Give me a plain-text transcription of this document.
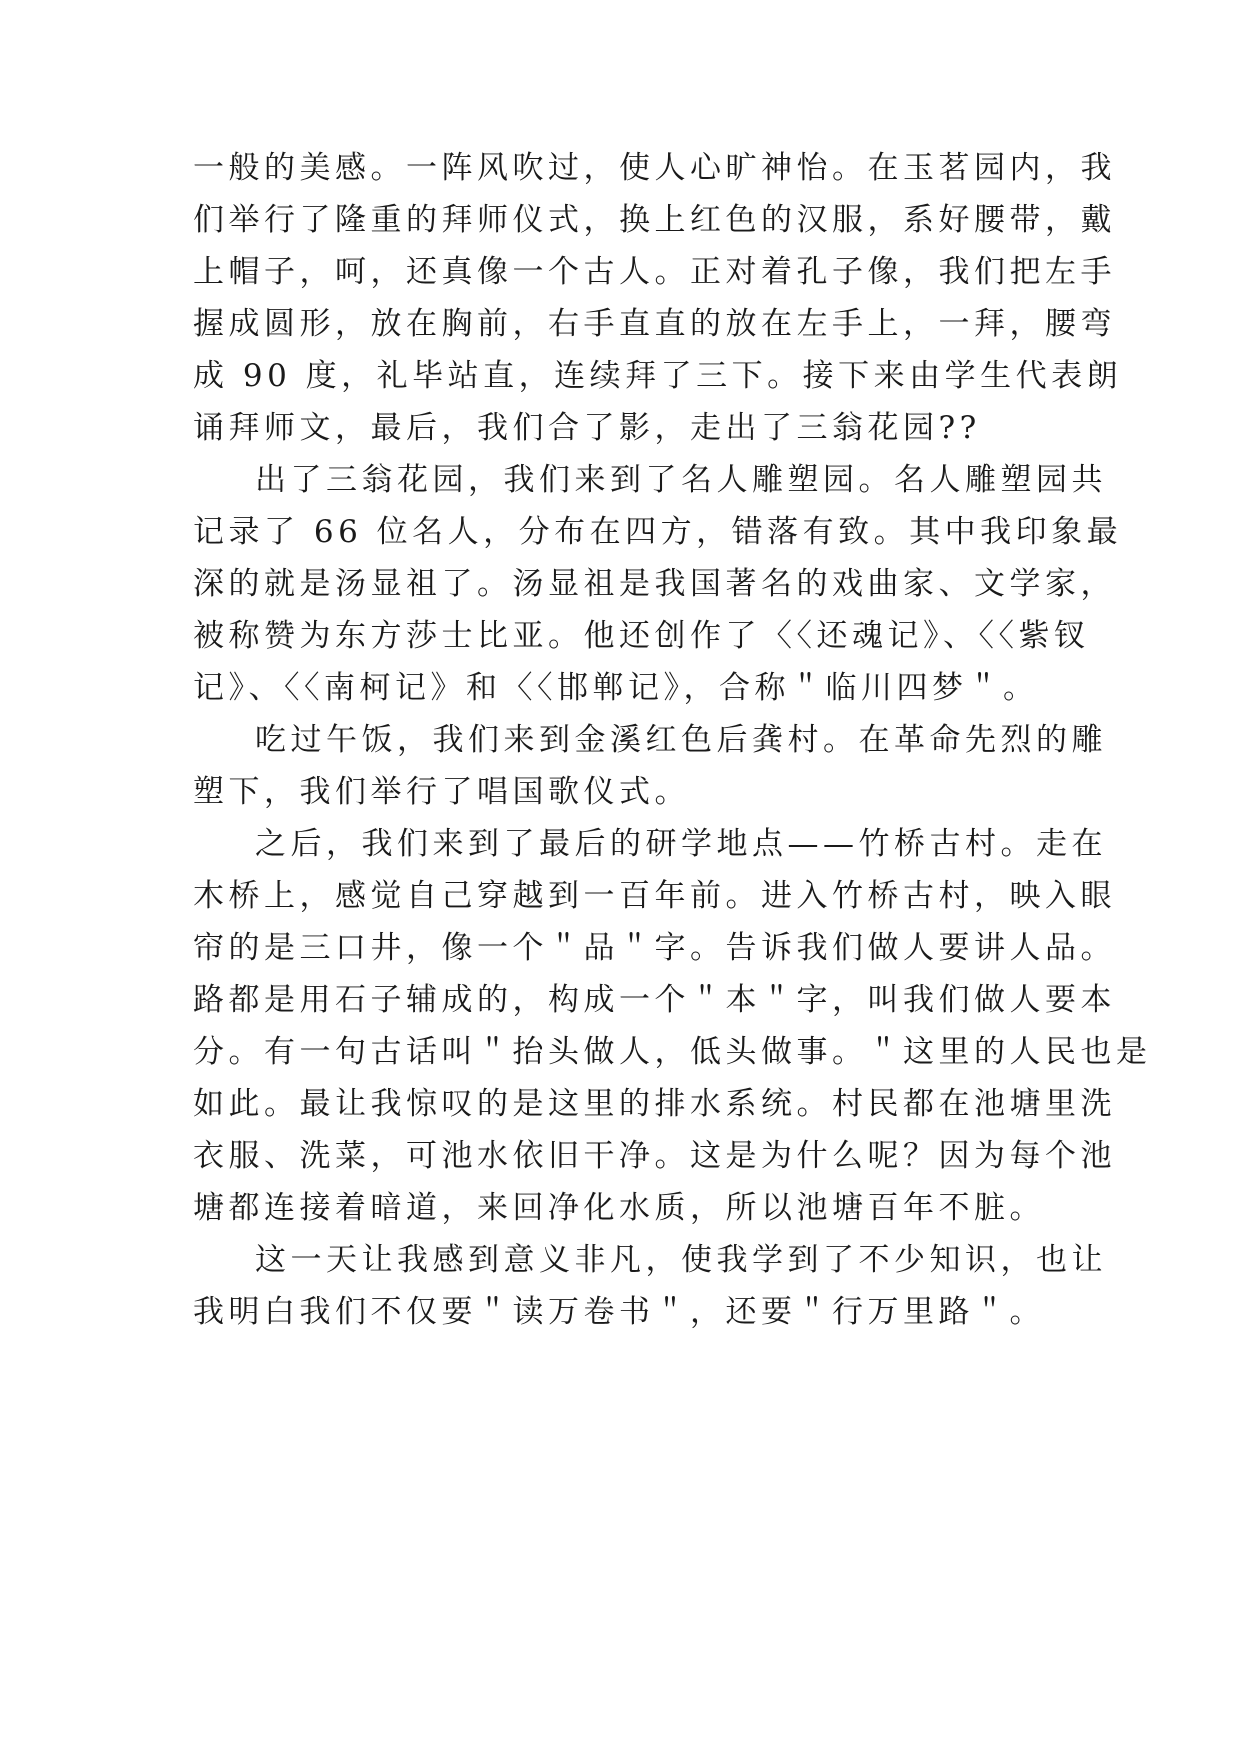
一般的美感。一阵风吹过，使人心旷神怡。在玉茗园内，我
们举行了隆重的拜师仪式，换上红色的汉服，系好腰带，戴
上帽子，呵，还真像一个古人。正对着孔子像，我们把左手
握成圆形，放在胸前，右手直直的放在左手上，一拜，腰弯
成 90 度，礼毕站直，连续拜了三下。接下来由学生代表朗
诵拜师文，最后，我们合了影，走出了三翁花园??
出了三翁花园，我们来到了名人雕塑园。名人雕塑园共
记录了 66 位名人，分布在四方，错落有致。其中我印象最
深的就是汤显祖了。汤显祖是我国著名的戏曲家、文学家，
被称赞为东方莎士比亚。他还创作了〈〈还魂记》、〈〈紫钗
记》、〈〈南柯记》和〈〈邯郸记》，合称＂临川四梦＂。
吃过午饭，我们来到金溪红色后龚村。在革命先烈的雕
塑下，我们举行了唱国歌仪式。
之后，我们来到了最后的研学地点——竹桥古村。走在
木桥上，感觉自己穿越到一百年前。进入竹桥古村，映入眼
帘的是三口井，像一个＂品＂字。告诉我们做人要讲人品。
路都是用石子辅成的，构成一个＂本＂字，叫我们做人要本
分。有一句古话叫＂抬头做人，低头做事。＂这里的人民也是
如此。最让我惊叹的是这里的排水系统。村民都在池塘里洗
衣服、洗菜，可池水依旧干净。这是为什么呢？因为每个池
塘都连接着暗道，来回净化水质，所以池塘百年不脏。
这一天让我感到意义非凡，使我学到了不少知识，也让
我明白我们不仅要＂读万卷书＂，还要＂行万里路＂。
